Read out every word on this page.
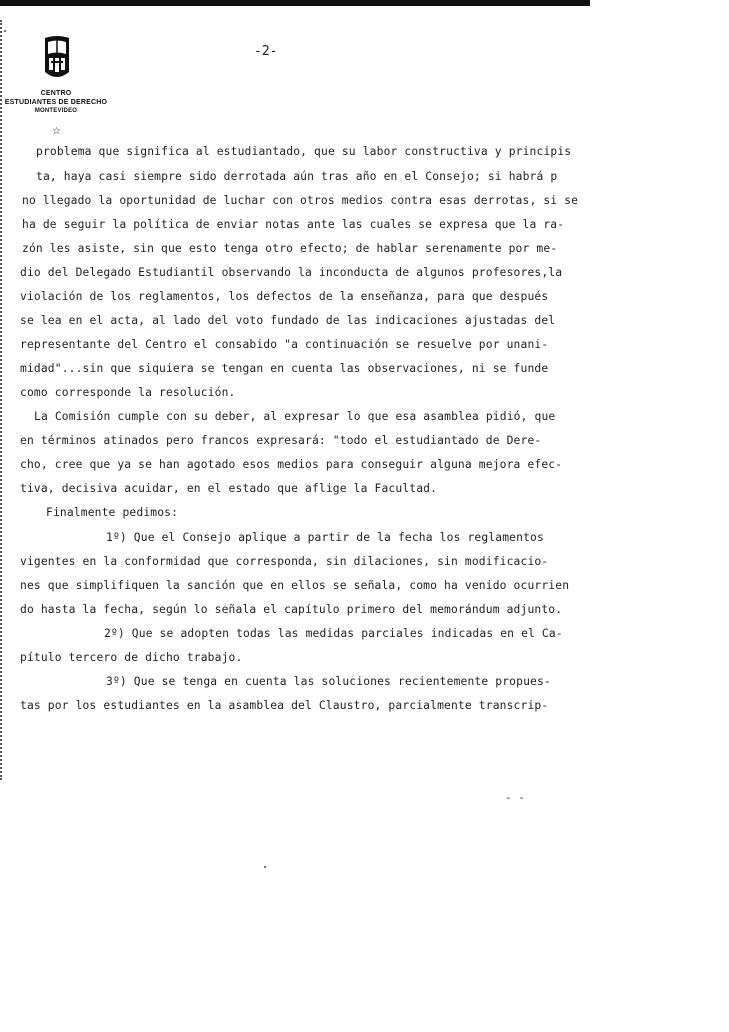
CENTRO
ESTUDIANTES DE DERECHO
MONTEVIDEO
☆
-2-
problema que significa al estudiantado, que su labor constructiva y principis
ta, haya casi siempre sido derrotada aún tras año en el Consejo; si habrá p
no llegado la oportunidad de luchar con otros medios contra esas derrotas, si se
ha de seguir la política de enviar notas ante las cuales se expresa que la ra-
zón les asiste, sin que esto tenga otro efecto; de hablar serenamente por me-
dio del Delegado Estudiantil observando la inconducta de algunos profesores,la
violación de los reglamentos, los defectos de la enseñanza, para que después
se lea en el acta, al lado del voto fundado de las indicaciones ajustadas del
representante del Centro el consabido "a continuación se resuelve por unani-
midad"...sin que siquiera se tengan en cuenta las observaciones, ni se funde
como corresponde la resolución.
La Comisión cumple con su deber, al expresar lo que esa asamblea pidió, que
en términos atinados pero francos expresará: "todo el estudiantado de Dere-
cho, cree que ya se han agotado esos medios para conseguir alguna mejora efec-
tiva, decisiva acuidar, en el estado que aflige la Facultad.
Finalmente pedimos:
1º) Que el Consejo aplique a partir de la fecha los reglamentos
vigentes en la conformidad que corresponda, sin dilaciones, sin modificacio-
nes que simplifiquen la sanción que en ellos se señala, como ha venido ocurrien
do hasta la fecha, según lo señala el capítulo primero del memorándum adjunto.
2º) Que se adopten todas las medidas parciales indicadas en el Ca-
pítulo tercero de dicho trabajo.
3º) Que se tenga en cuenta las soluciones recientemente propues-
tas por los estudiantes en la asamblea del Claustro, parcialmente transcrip-
- -
